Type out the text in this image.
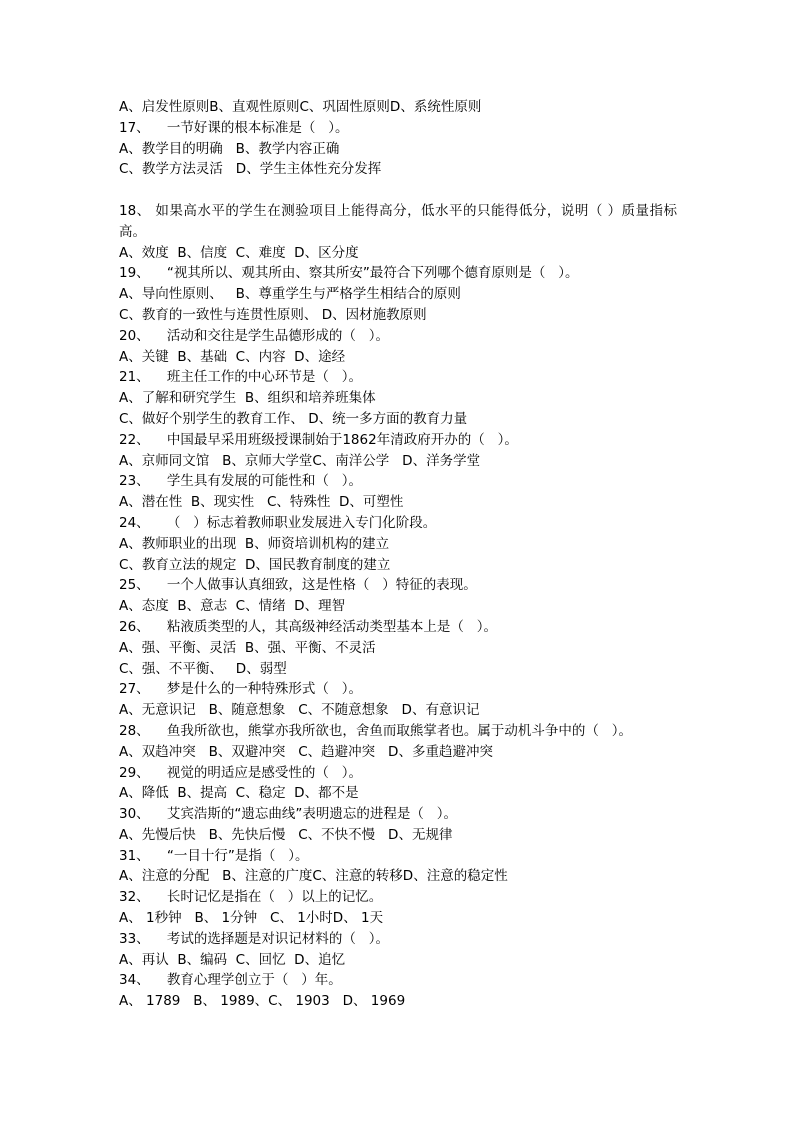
A、启发性原则B、直观性原则C、巩固性原则D、系统性原则
17、    一节好课的根本标准是（   ）。
A、教学目的明确   B、教学内容正确
C、教学方法灵活   D、学生主体性充分发挥
18、 如果高水平的学生在测验项目上能得高分，低水平的只能得低分，说明（ ）质量指标高。
A、效度  B、信度  C、难度  D、区分度
19、    “视其所以、观其所由、察其所安”最符合下列哪个德育原则是（   ）。
A、导向性原则、   B、尊重学生与严格学生相结合的原则
C、教育的一致性与连贯性原则、 D、因材施教原则
20、    活动和交往是学生品德形成的（   ）。
A、关键  B、基础  C、内容  D、途经
21、    班主任工作的中心环节是（   ）。
A、了解和研究学生  B、组织和培养班集体
C、做好个别学生的教育工作、 D、统一多方面的教育力量
22、    中国最早采用班级授课制始于1862年清政府开办的（   ）。
A、京师同文馆   B、京师大学堂C、南洋公学   D、洋务学堂
23、    学生具有发展的可能性和（   ）。
A、潜在性  B、现实性   C、特殊性  D、可塑性
24、    （   ）标志着教师职业发展进入专门化阶段。
A、教师职业的出现  B、师资培训机构的建立
C、教育立法的规定  D、国民教育制度的建立
25、    一个人做事认真细致，这是性格（   ）特征的表现。
A、态度  B、意志  C、情绪  D、理智
26、    粘液质类型的人，其高级神经活动类型基本上是（   ）。
A、强、平衡、灵活  B、强、平衡、不灵活
C、强、不平衡、   D、弱型
27、    梦是什么的一种特殊形式（   ）。
A、无意识记   B、随意想象   C、不随意想象   D、有意识记
28、    鱼我所欲也，熊掌亦我所欲也，舍鱼而取熊掌者也。属于动机斗争中的（   ）。
A、双趋冲突   B、双避冲突   C、趋避冲突   D、多重趋避冲突
29、    视觉的明适应是感受性的（   ）。
A、降低  B、提高  C、稳定  D、都不是
30、    艾宾浩斯的“遗忘曲线”表明遗忘的进程是（   ）。
A、先慢后快   B、先快后慢   C、不快不慢   D、无规律
31、    “一目十行”是指（   ）。
A、注意的分配   B、注意的广度C、注意的转移D、注意的稳定性
32、    长时记忆是指在（   ）以上的记忆。
A、 1秒钟   B、 1分钟   C、 1小时D、 1天
33、    考试的选择题是对识记材料的（   ）。
A、再认  B、编码  C、回忆  D、追忆
34、    教育心理学创立于（   ）年。
A、 1789   B、 1989、C、 1903   D、 1969
